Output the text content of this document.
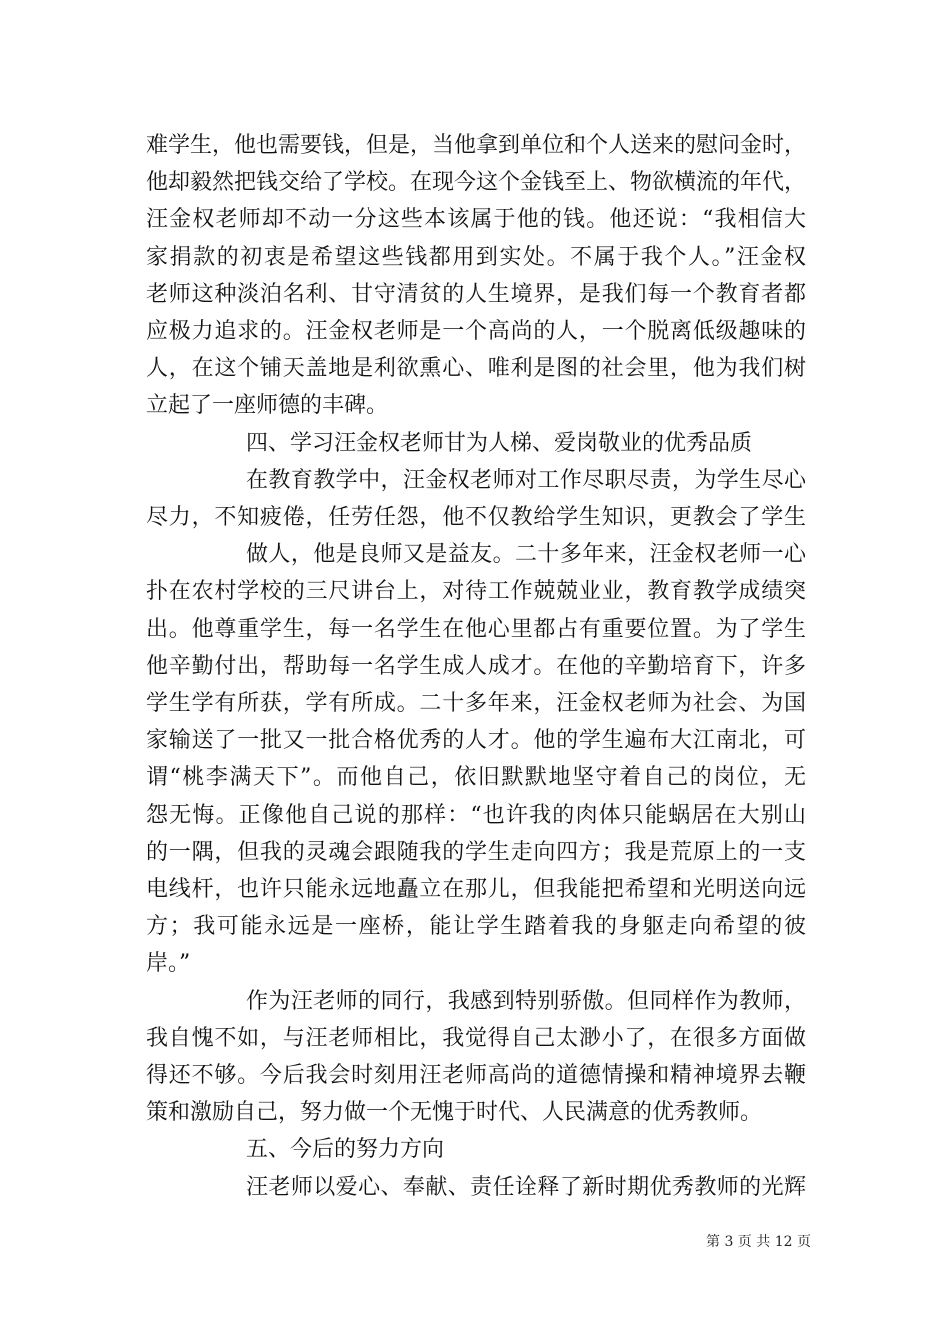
难学生，他也需要钱，但是，当他拿到单位和个人送来的慰问金时，
他却毅然把钱交给了学校。在现今这个金钱至上、物欲横流的年代，
汪金权老师却不动一分这些本该属于他的钱。他还说：“我相信大
家捐款的初衷是希望这些钱都用到实处。不属于我个人。”汪金权
老师这种淡泊名利、甘守清贫的人生境界，是我们每一个教育者都
应极力追求的。汪金权老师是一个高尚的人，一个脱离低级趣味的
人，在这个铺天盖地是利欲熏心、唯利是图的社会里，他为我们树
立起了一座师德的丰碑。
四、学习汪金权老师甘为人梯、爱岗敬业的优秀品质
在教育教学中，汪金权老师对工作尽职尽责，为学生尽心
尽力，不知疲倦，任劳任怨，他不仅教给学生知识，更教会了学生
做人，他是良师又是益友。二十多年来，汪金权老师一心
扑在农村学校的三尺讲台上，对待工作兢兢业业，教育教学成绩突
出。他尊重学生，每一名学生在他心里都占有重要位置。为了学生
他辛勤付出，帮助每一名学生成人成才。在他的辛勤培育下，许多
学生学有所获，学有所成。二十多年来，汪金权老师为社会、为国
家输送了一批又一批合格优秀的人才。他的学生遍布大江南北，可
谓“桃李满天下”。而他自己，依旧默默地坚守着自己的岗位，无
怨无悔。正像他自己说的那样：“也许我的肉体只能蜗居在大别山
的一隅，但我的灵魂会跟随我的学生走向四方；我是荒原上的一支
电线杆，也许只能永远地矗立在那儿，但我能把希望和光明送向远
方；我可能永远是一座桥，能让学生踏着我的身躯走向希望的彼
岸。”
作为汪老师的同行，我感到特别骄傲。但同样作为教师，
我自愧不如，与汪老师相比，我觉得自己太渺小了，在很多方面做
得还不够。今后我会时刻用汪老师高尚的道德情操和精神境界去鞭
策和激励自己，努力做一个无愧于时代、人民满意的优秀教师。
五、今后的努力方向
汪老师以爱心、奉献、责任诠释了新时期优秀教师的光辉
第 3 页 共 12 页
